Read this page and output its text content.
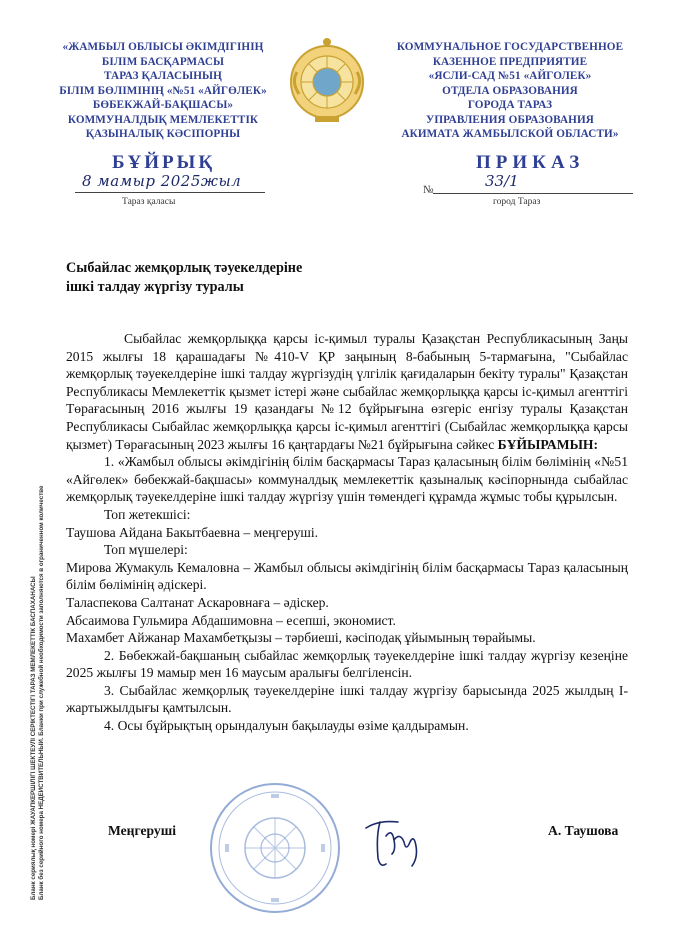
Бланк сериялық номерi ЖАУАПКЕРШІЛІГІ ШЕКТЕУЛІ СЕРІКТЕСТІГІ ТАРАЗ МЕМЛЕКЕТТІК БАСПАХАНАСЫ Бланк без серийного номера НЕДЕЙСТВИТЕЛЬНЫЙ. Бланки при служебной необходимости заполняются в ограниченном количестве
«ЖАМБЫЛ ОБЛЫСЫ ӘКІМДІГІНІҢ
БІЛІМ БАСҚАРМАСЫ
ТАРАЗ ҚАЛАСЫНЫҢ
БІЛІМ БӨЛІМІНІҢ «№51 «АЙГӨЛЕК»
БӨБЕКЖАЙ-БАҚШАСЫ»
КОММУНАЛДЫҚ МЕМЛЕКЕТТІК
ҚАЗЫНАЛЫҚ КӘСІПОРНЫ
КОММУНАЛЬНОЕ ГОСУДАРСТВЕННОЕ
КАЗЕННОЕ ПРЕДПРИЯТИЕ
«ЯСЛИ-САД №51 «АЙГОЛЕК»
ОТДЕЛА ОБРАЗОВАНИЯ
ГОРОДА ТАРАЗ
УПРАВЛЕНИЯ ОБРАЗОВАНИЯ
АКИМАТА ЖАМБЫЛСКОЙ ОБЛАСТИ»
БҰЙРЫҚ	ПРИКАЗ
8 мамыр 2025жыл
Тараз қаласы
№	33/1
город Тараз
Сыбайлас жемқорлық тәуекелдеріне
ішкі талдау жүргізу туралы

Сыбайлас жемқорлыққа қарсы іс-қимыл туралы Қазақстан Республикасының Заңы 2015 жылғы 18 қарашадағы №410-V ҚР заңының 8-бабының 5-тармағына, "Сыбайлас жемқорлық тәуекелдеріне ішкі талдау жүргізудің үлгілік қағидаларын бекіту туралы" Қазақстан Республикасы Мемлекеттік қызмет істері және сыбайлас жемқорлыққа қарсы іс-қимыл агенттігі Төрағасының 2016 жылғы 19 қазандағы №12 бұйрығына өзгеріс енгізу туралы Қазақстан Республикасы Сыбайлас жемқорлыққа қарсы іс-қимыл агенттігі (Сыбайлас жемқорлыққа қарсы қызмет) Төрағасының 2023 жылғы 16 қаңтардағы №21 бұйрығына сәйкес БҰЙЫРАМЫН:

1. «Жамбыл облысы әкімдігінің білім басқармасы Тараз қаласының білім бөлімінің «№51 «Айгөлек» бөбекжай-бақшасы» коммуналдық мемлекеттік қазыналық кәсіпорнында сыбайлас жемқорлық тәуекелдеріне ішкі талдау жүргізу үшін төмендегі құрамда жұмыс тобы құрылсын.

Топ жетекшісі:

Таушова Айдана Бакытбаевна – меңгеруші.

Топ мүшелері:

Мирова Жумакуль Кемаловна – Жамбыл облысы әкімдігінің білім басқармасы Тараз қаласының білім бөлімінің әдіскері.

Таласпекова Салтанат Аскаровнаға – әдіскер.

Абсаимова Гульмира Абдашимовна – есепші, экономист.

Махамбет Айжанар Махамбетқызы – тәрбиеші, кәсіподақ ұйымының төрайымы.

2. Бөбекжай-бақшаның сыбайлас жемқорлық тәуекелдеріне ішкі талдау жүргізу кезеңіне 2025 жылғы 19 мамыр мен 16 маусым аралығы белгіленсін.

3. Сыбайлас жемқорлық тәуекелдеріне ішкі талдау жүргізу барысында 2025 жылдың І-жартыжылдығы қамтылсын.

4. Осы бұйрықтың орындалуын бақылауды өзіме қалдырамын.

Меңгеруші	А. Таушова
